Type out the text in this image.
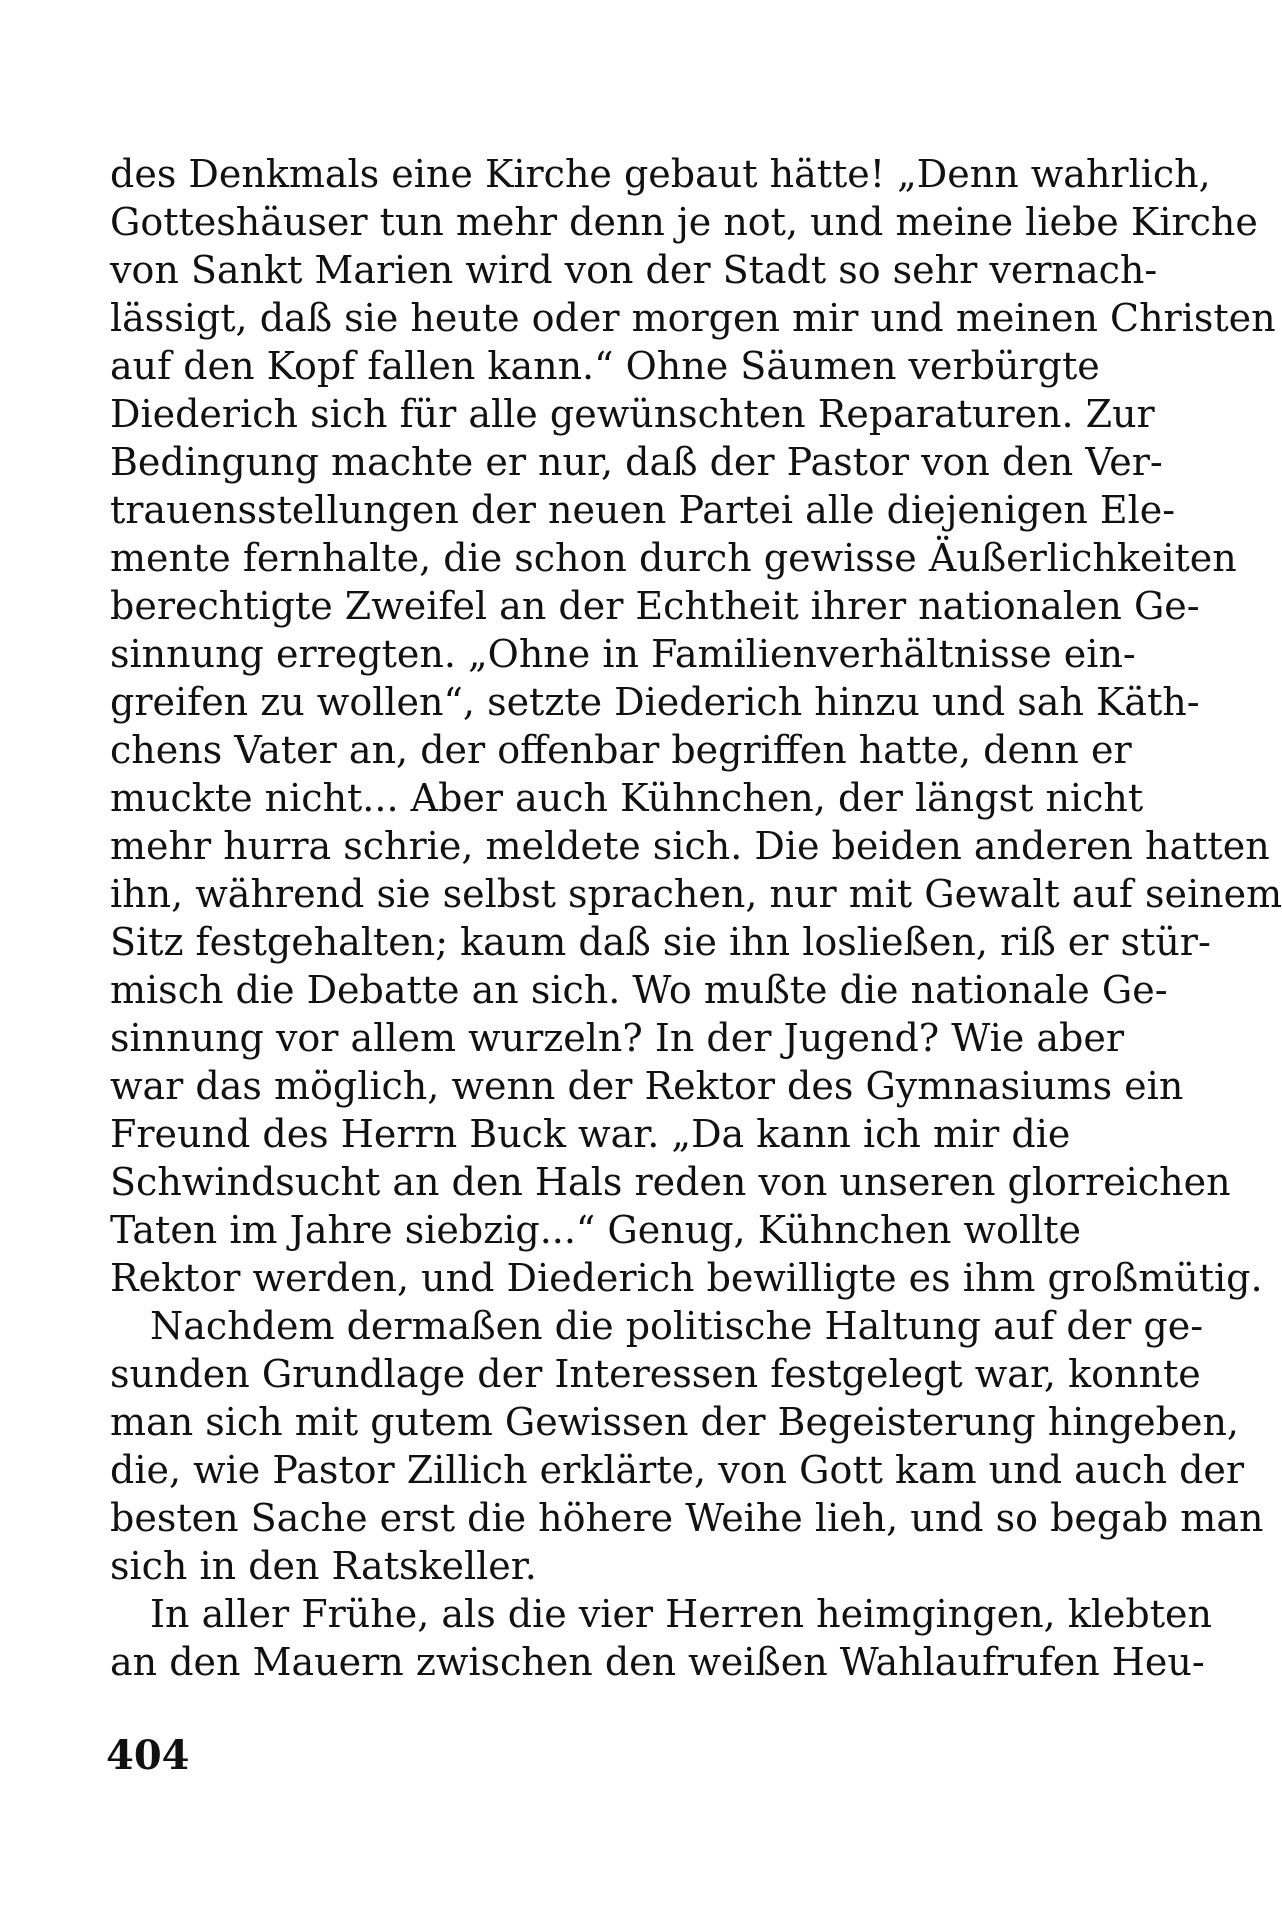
des Denkmals eine Kirche gebaut hätte! „Denn wahrlich,
Gotteshäuser tun mehr denn je not, und meine liebe Kirche
von Sankt Marien wird von der Stadt so sehr vernach-
lässigt, daß sie heute oder morgen mir und meinen Christen
auf den Kopf fallen kann.“ Ohne Säumen verbürgte
Diederich sich für alle gewünschten Reparaturen. Zur
Bedingung machte er nur, daß der Pastor von den Ver-
trauensstellungen der neuen Partei alle diejenigen Ele-
mente fernhalte, die schon durch gewisse Äußerlichkeiten
berechtigte Zweifel an der Echtheit ihrer nationalen Ge-
sinnung erregten. „Ohne in Familienverhältnisse ein-
greifen zu wollen“, setzte Diederich hinzu und sah Käth-
chens Vater an, der offenbar begriffen hatte, denn er
muckte nicht... Aber auch Kühnchen, der längst nicht
mehr hurra schrie, meldete sich. Die beiden anderen hatten
ihn, während sie selbst sprachen, nur mit Gewalt auf seinem
Sitz festgehalten; kaum daß sie ihn losließen, riß er stür-
misch die Debatte an sich. Wo mußte die nationale Ge-
sinnung vor allem wurzeln? In der Jugend? Wie aber
war das möglich, wenn der Rektor des Gymnasiums ein
Freund des Herrn Buck war. „Da kann ich mir die
Schwindsucht an den Hals reden von unseren glorreichen
Taten im Jahre siebzig...“ Genug, Kühnchen wollte
Rektor werden, und Diederich bewilligte es ihm großmütig.
Nachdem dermaßen die politische Haltung auf der ge-
sunden Grundlage der Interessen festgelegt war, konnte
man sich mit gutem Gewissen der Begeisterung hingeben,
die, wie Pastor Zillich erklärte, von Gott kam und auch der
besten Sache erst die höhere Weihe lieh, und so begab man
sich in den Ratskeller.
In aller Frühe, als die vier Herren heimgingen, klebten
an den Mauern zwischen den weißen Wahlaufrufen Heu-
404
